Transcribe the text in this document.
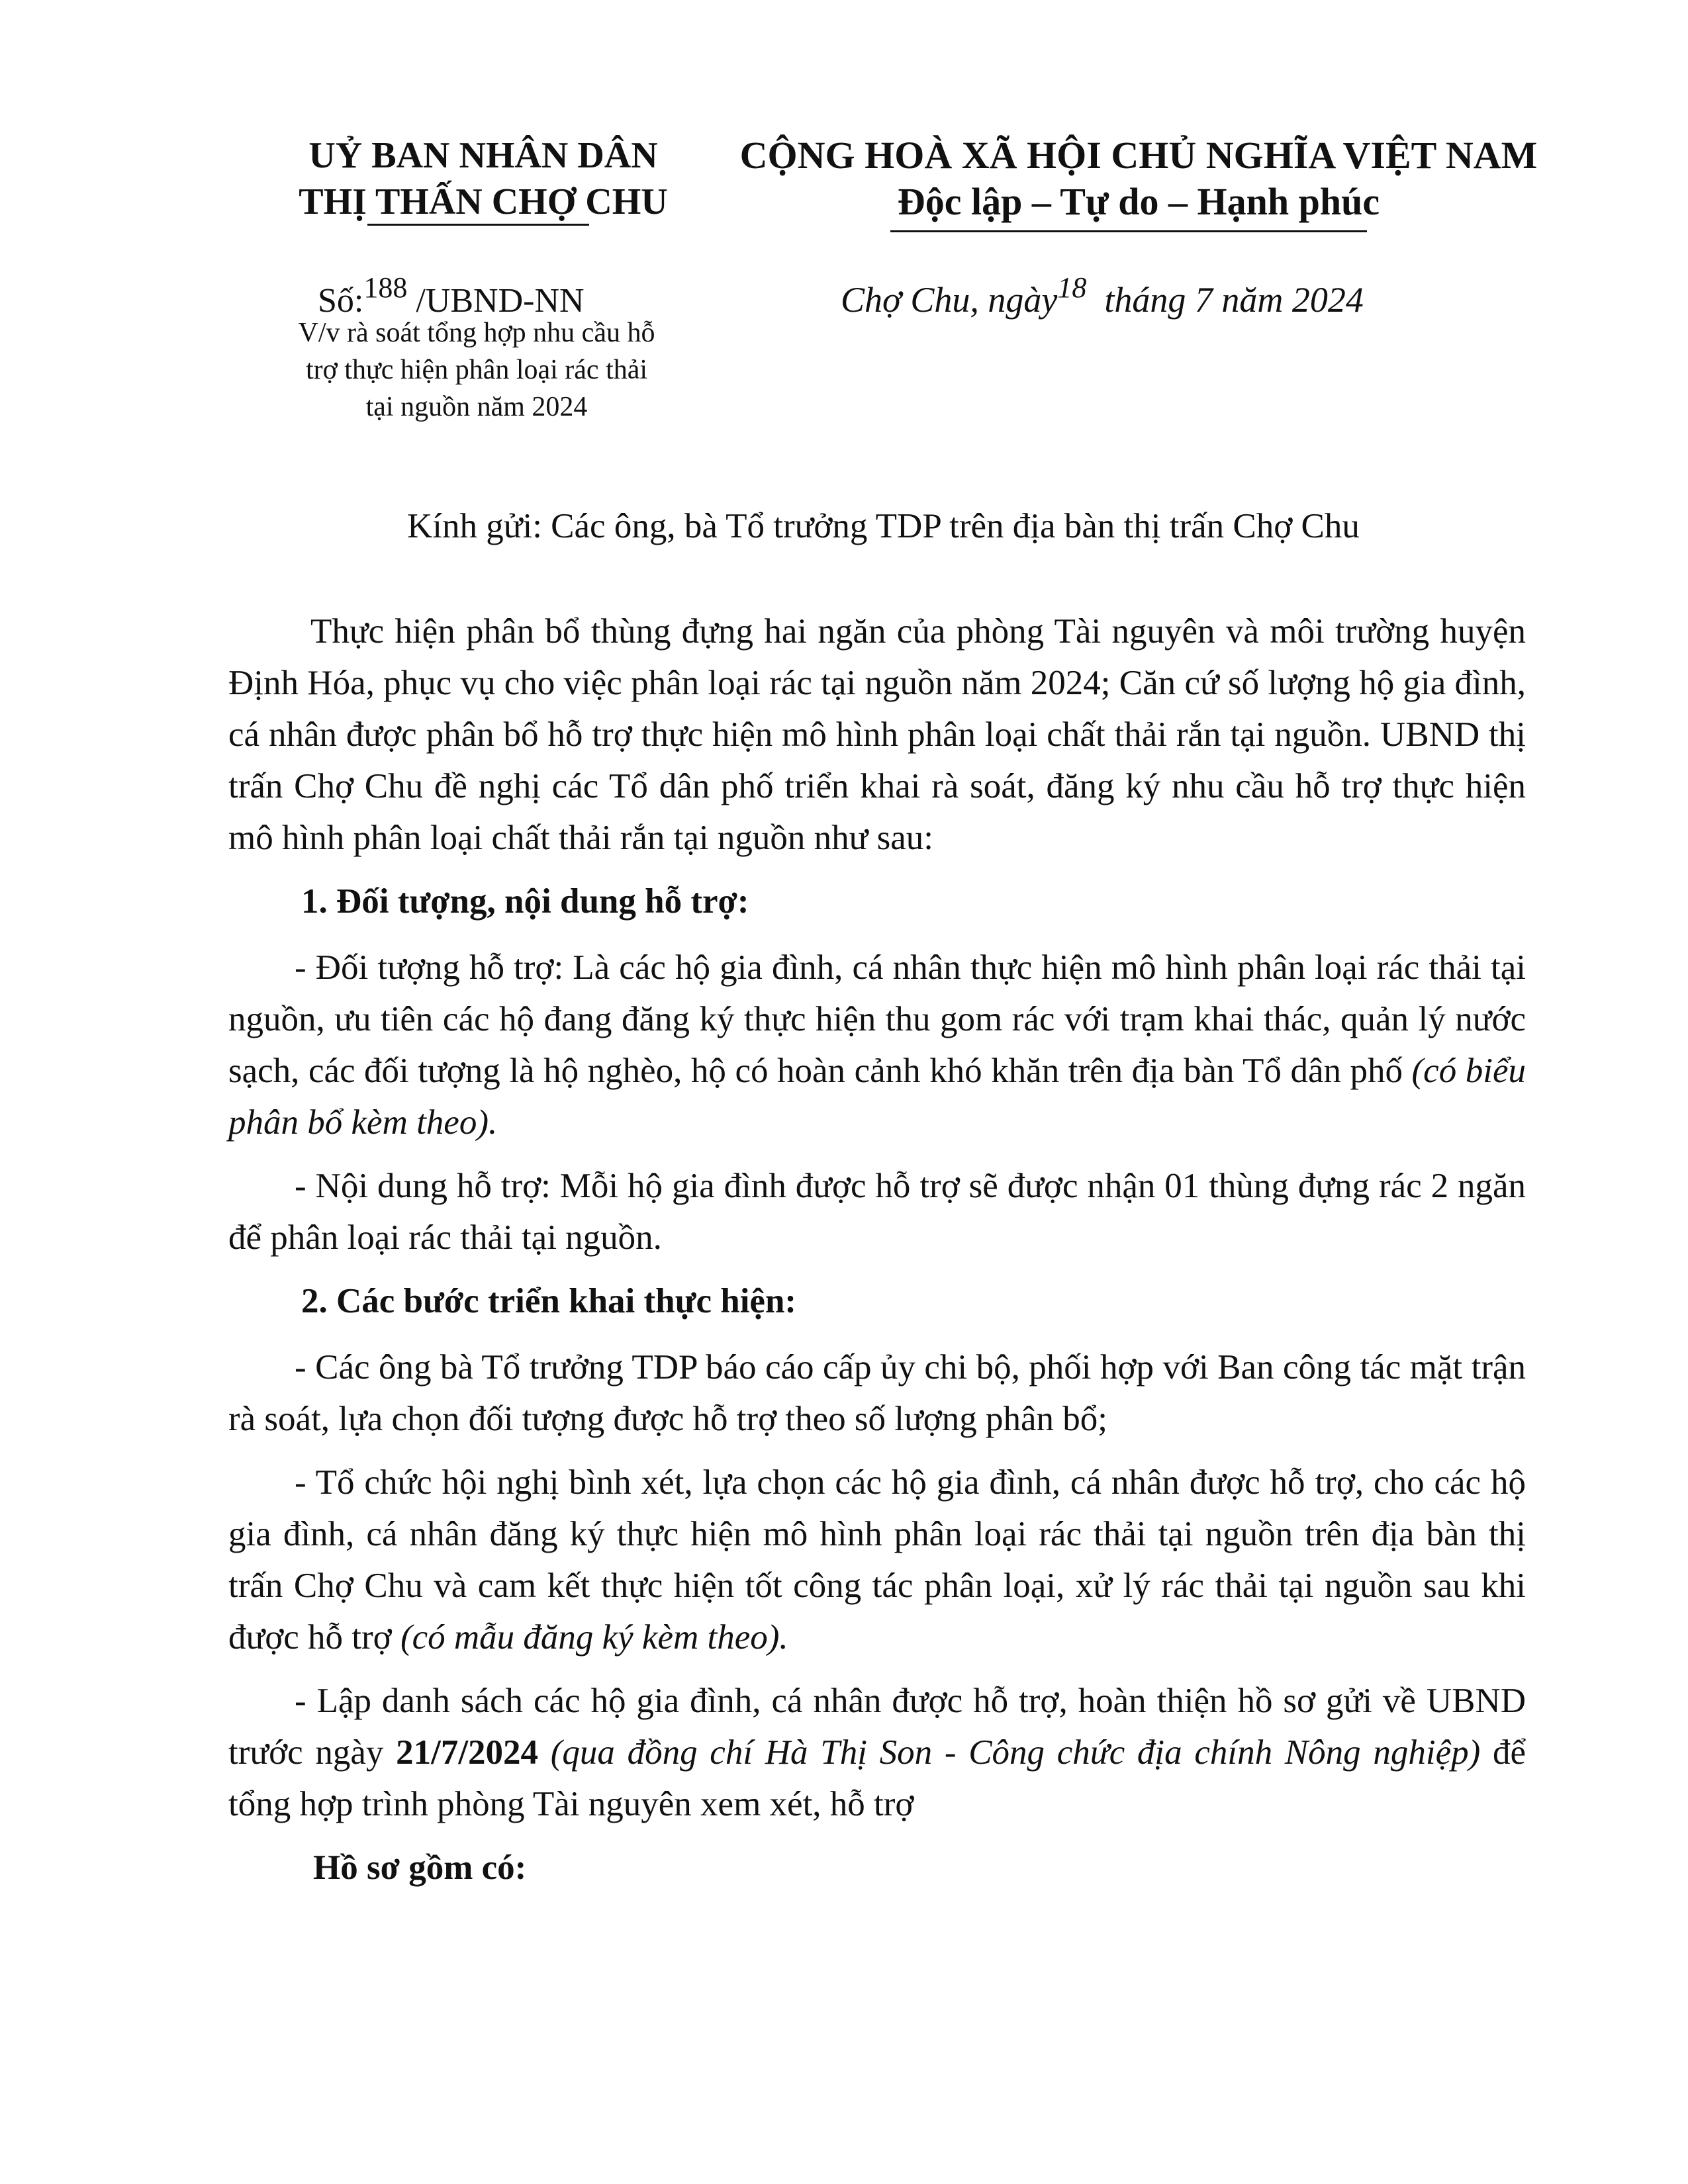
UỶ BAN NHÂN DÂN
THỊ THẤN CHỢ CHU
CỘNG HOÀ XÃ HỘI CHỦ NGHĨA VIỆT NAM
Độc lập – Tự do – Hạnh phúc
Số:$^{188}$ /UBND-NN
V/v rà soát tổng hợp nhu cầu hỗ
trợ thực hiện phân loại rác thải
tại nguồn năm 2024
Chợ Chu, ngày$^{18}$  tháng 7 năm 2024
Kính gửi: Các ông, bà Tổ trưởng TDP trên địa bàn thị trấn Chợ Chu

Thực hiện phân bổ thùng đựng hai ngăn của phòng Tài nguyên và môi trường huyện Định Hóa, phục vụ cho việc phân loại rác tại nguồn năm 2024; Căn cứ số lượng hộ gia đình, cá nhân được phân bổ hỗ trợ thực hiện mô hình phân loại chất thải rắn tại nguồn. UBND thị trấn Chợ Chu đề nghị các Tổ dân phố triển khai rà soát, đăng ký nhu cầu hỗ trợ thực hiện mô hình phân loại chất thải rắn tại nguồn như sau:

1. Đối tượng, nội dung hỗ trợ:

- Đối tượng hỗ trợ: Là các hộ gia đình, cá nhân thực hiện mô hình phân loại rác thải tại nguồn, ưu tiên các hộ đang đăng ký thực hiện thu gom rác với trạm khai thác, quản lý nước sạch, các đối tượng là hộ nghèo, hộ có hoàn cảnh khó khăn trên địa bàn Tổ dân phố (có biểu phân bổ kèm theo).

- Nội dung hỗ trợ: Mỗi hộ gia đình được hỗ trợ sẽ được nhận 01 thùng đựng rác 2 ngăn để phân loại rác thải tại nguồn.

2. Các bước triển khai thực hiện:

- Các ông bà Tổ trưởng TDP báo cáo cấp ủy chi bộ, phối hợp với Ban công tác mặt trận rà soát, lựa chọn đối tượng được hỗ trợ theo số lượng phân bổ;

- Tổ chức hội nghị bình xét, lựa chọn các hộ gia đình, cá nhân được hỗ trợ, cho các hộ gia đình, cá nhân đăng ký thực hiện mô hình phân loại rác thải tại nguồn trên địa bàn thị trấn Chợ Chu và cam kết thực hiện tốt công tác phân loại, xử lý rác thải tại nguồn sau khi được hỗ trợ (có mẫu đăng ký kèm theo).

- Lập danh sách các hộ gia đình, cá nhân được hỗ trợ, hoàn thiện hồ sơ gửi về UBND trước ngày 21/7/2024 (qua đồng chí Hà Thị Son - Công chức địa chính Nông nghiệp) để tổng hợp trình phòng Tài nguyên xem xét, hỗ trợ

Hồ sơ gồm có:
